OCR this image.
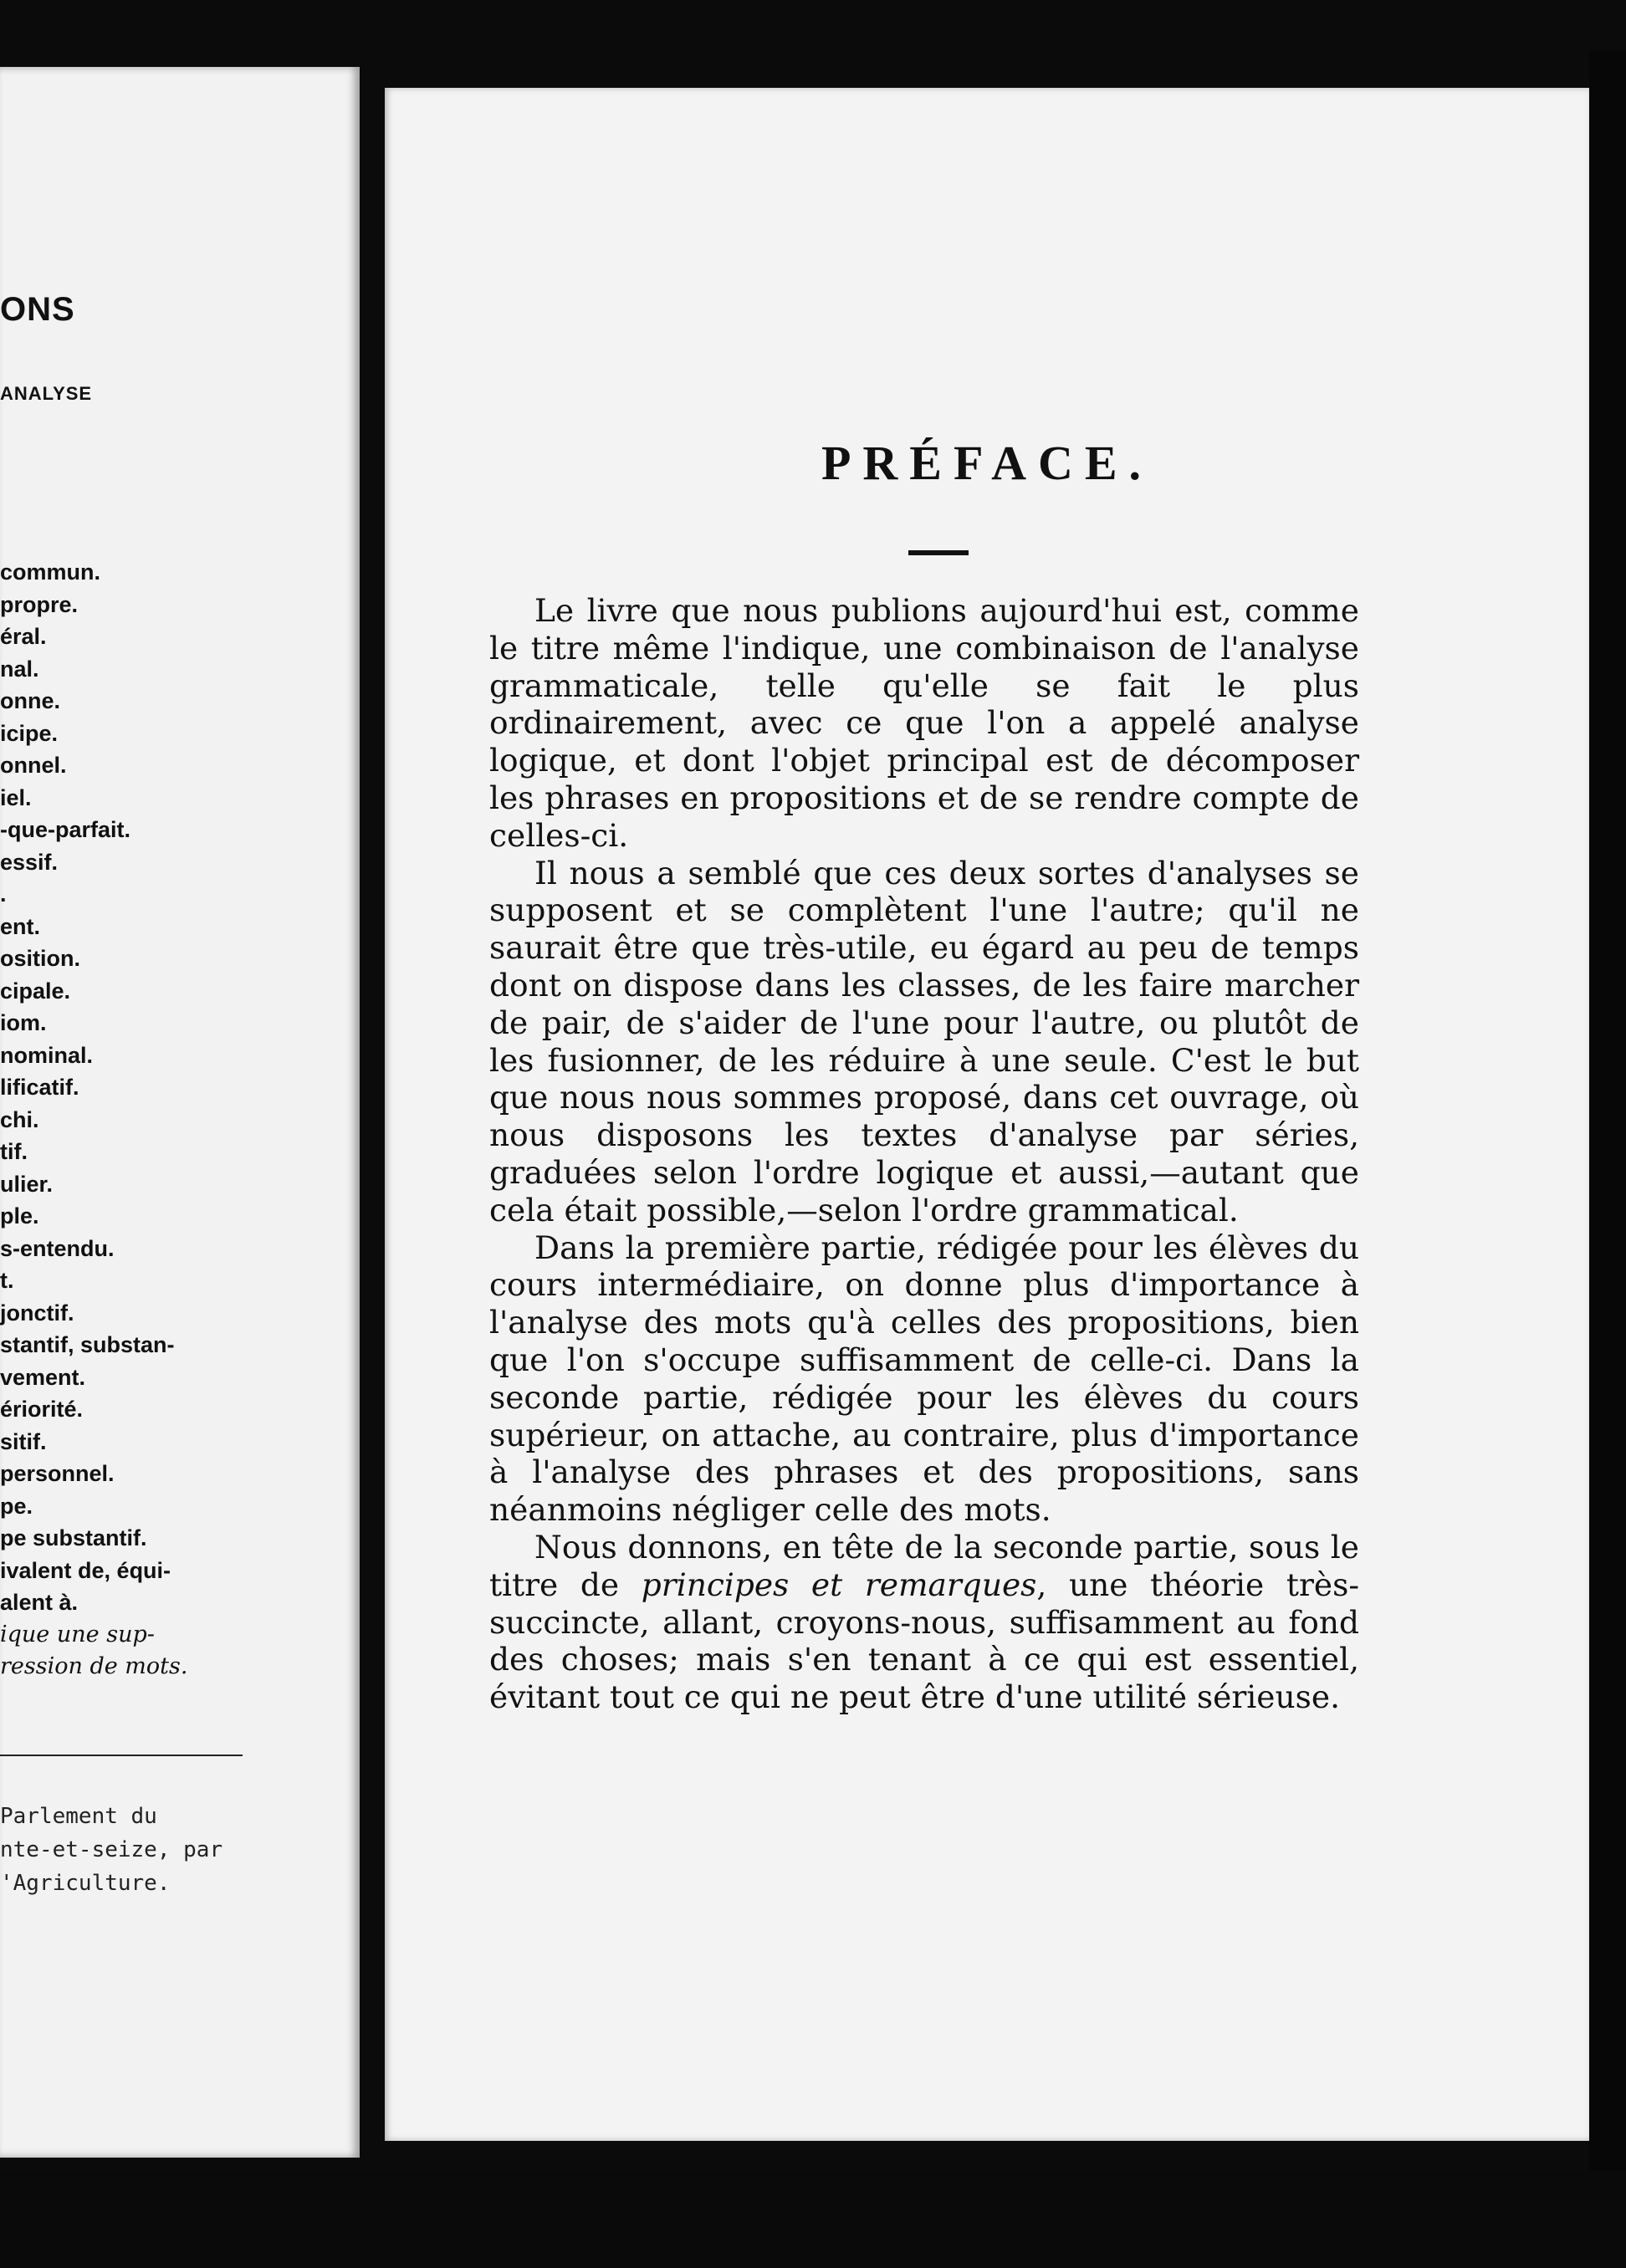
ONS
ANALYSE
commun.
propre.
éral.
nal.
onne.
icipe.
onnel.
iel.
-que-parfait.
essif.
.
ent.
osition.
cipale.
iom.
nominal.
lificatif.
chi.
tif.
ulier.
ple.
s-entendu.
t.
jonctif.
stantif, substan-
vement.
ériorité.
sitif.
personnel.
pe.
pe substantif.
ivalent de, équi-
alent à.
ique une sup-
ression de mots.
Parlement du
nte-et-seize, par
'Agriculture.
PRÉFACE.

Le livre que nous publions aujourd'hui est, comme le titre même l'indique, une combinaison de l'analyse grammaticale, telle qu'elle se fait le plus ordinairement, avec ce que l'on a appelé analyse logique, et dont l'objet principal est de décomposer les phrases en propositions et de se rendre compte de celles-ci.

Il nous a semblé que ces deux sortes d'analyses se supposent et se complètent l'une l'autre; qu'il ne saurait être que très-utile, eu égard au peu de temps dont on dispose dans les classes, de les faire marcher de pair, de s'aider de l'une pour l'autre, ou plutôt de les fusionner, de les réduire à une seule. C'est le but que nous nous sommes proposé, dans cet ouvrage, où nous disposons les textes d'analyse par séries, graduées selon l'ordre logique et aussi,—autant que cela était possible,—selon l'ordre grammatical.

Dans la première partie, rédigée pour les élèves du cours intermédiaire, on donne plus d'importance à l'analyse des mots qu'à celles des propositions, bien que l'on s'occupe suffisamment de celle-ci. Dans la seconde partie, rédigée pour les élèves du cours supérieur, on attache, au contraire, plus d'importance à l'analyse des phrases et des propositions, sans néanmoins négliger celle des mots.

Nous donnons, en tête de la seconde partie, sous le titre de principes et remarques, une théorie très-succincte, allant, croyons-nous, suffisamment au fond des choses; mais s'en tenant à ce qui est essentiel, évitant tout ce qui ne peut être d'une utilité sérieuse.
